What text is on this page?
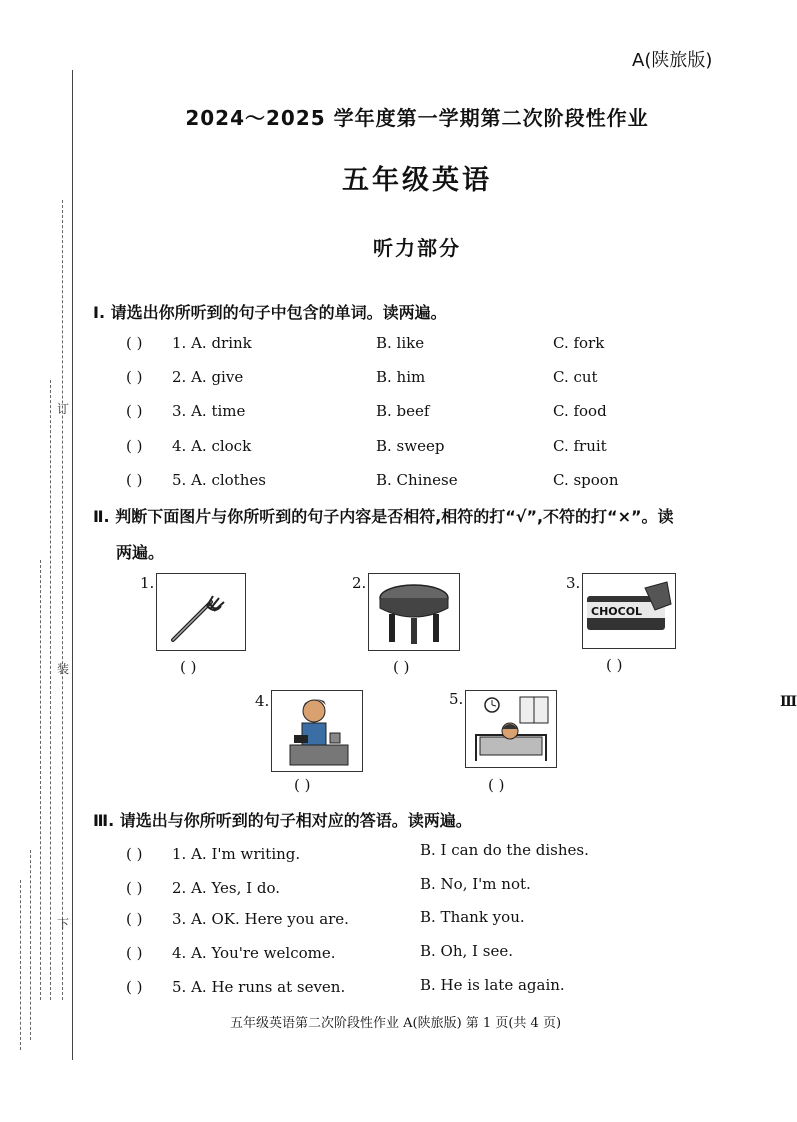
订
装
下
A(陕旅版)
2024～2025 学年度第一学期第二次阶段性作业
五年级英语
听力部分
Ⅰ. 请选出你所听到的句子中包含的单词。读两遍。
( ) 1. A. drink	B. like	C. fork
( ) 2. A. give	B. him	C. cut
( ) 3. A. time	B. beef	C. food
( ) 4. A. clock	B. sweep	C. fruit
( ) 5. A. clothes	B. Chinese	C. spoon
Ⅱ. 判断下面图片与你所听到的句子内容是否相符,相符的打“√”,不符的打“×”。读
两遍。
1.
( )
2.
( )
3.
CHOCOL
( )
4.
( )
5.
( )
Ⅲ
Ⅲ. 请选出与你所听到的句子相对应的答语。读两遍。
( ) 1. A. I'm writing.	B. I can do the dishes.
( ) 2. A. Yes, I do.	B. No, I'm not.
( ) 3. A. OK. Here you are.	B. Thank you.
( ) 4. A. You're welcome.	B. Oh, I see.
( ) 5. A. He runs at seven.	B. He is late again.
五年级英语第二次阶段性作业 A(陕旅版) 第 1 页(共 4 页)
